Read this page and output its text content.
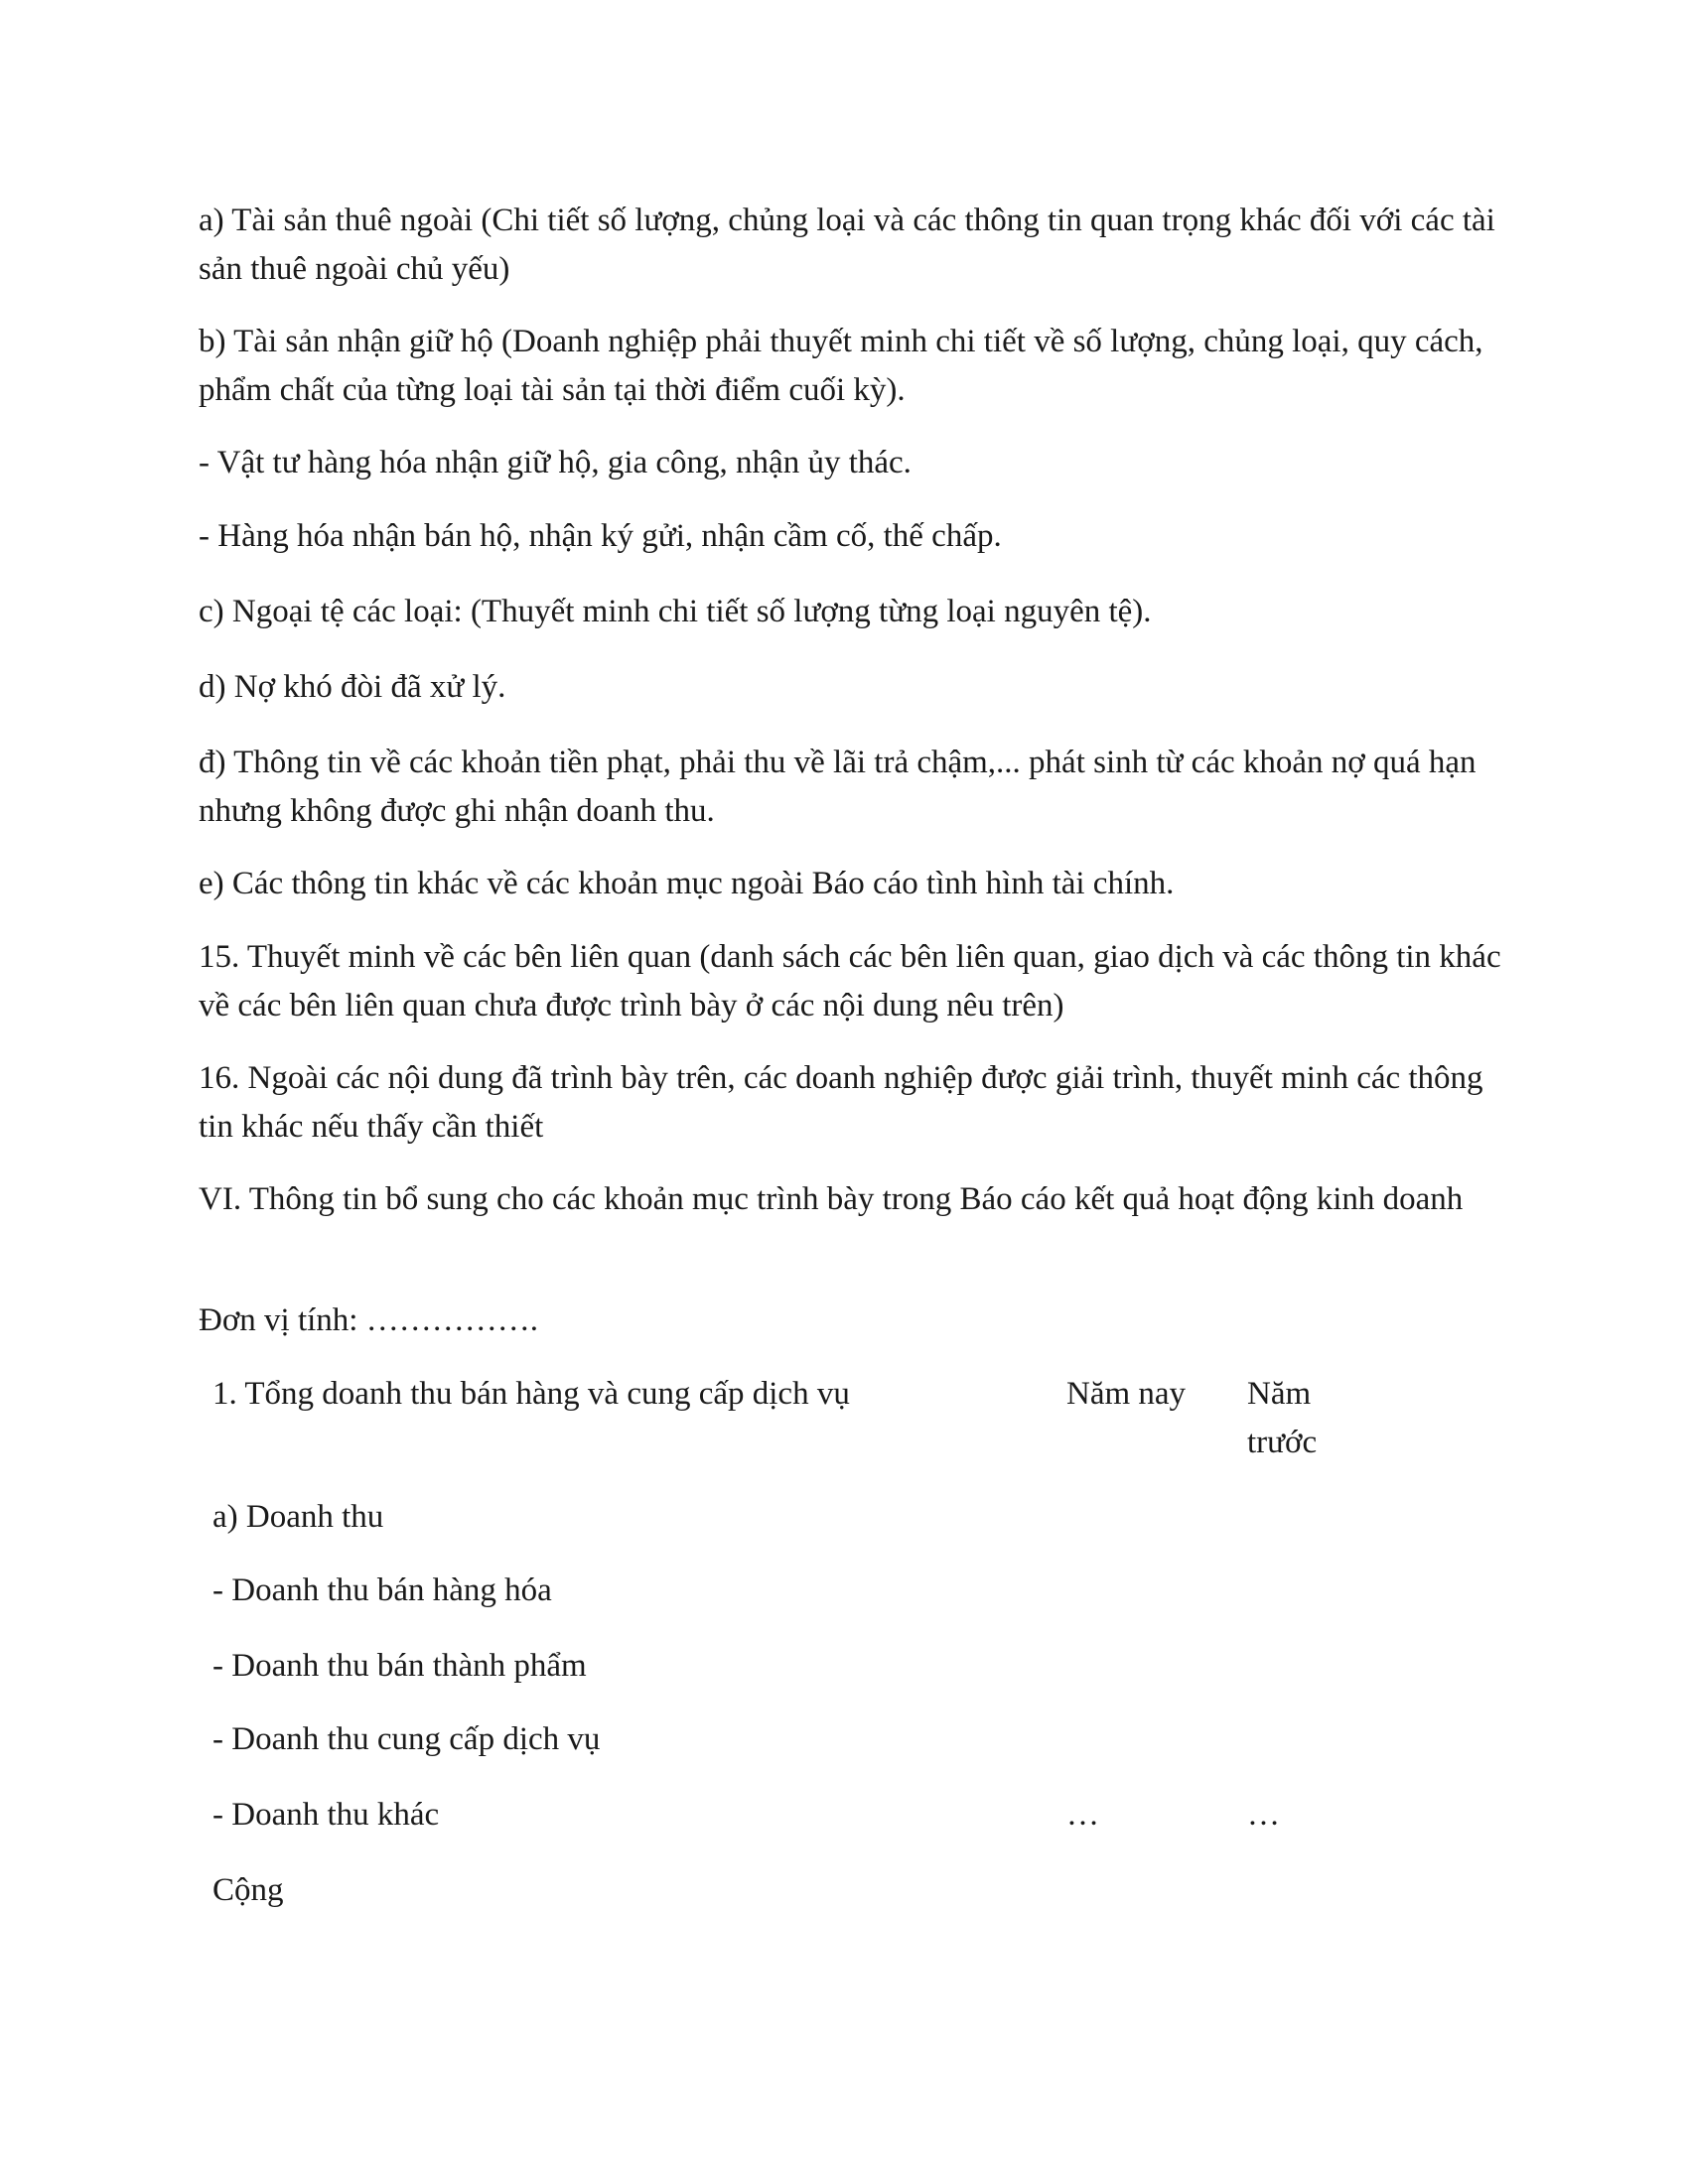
a) Tài sản thuê ngoài (Chi tiết số lượng, chủng loại và các thông tin quan trọng khác đối với các tài sản thuê ngoài chủ yếu)

b) Tài sản nhận giữ hộ (Doanh nghiệp phải thuyết minh chi tiết về số lượng, chủng loại, quy cách, phẩm chất của từng loại tài sản tại thời điểm cuối kỳ).

- Vật tư hàng hóa nhận giữ hộ, gia công, nhận ủy thác.

- Hàng hóa nhận bán hộ, nhận ký gửi, nhận cầm cố, thế chấp.

c) Ngoại tệ các loại: (Thuyết minh chi tiết số lượng từng loại nguyên tệ).

d) Nợ khó đòi đã xử lý.

đ) Thông tin về các khoản tiền phạt, phải thu về lãi trả chậm,... phát sinh từ các khoản nợ quá hạn nhưng không được ghi nhận doanh thu.

e) Các thông tin khác về các khoản mục ngoài Báo cáo tình hình tài chính.

15. Thuyết minh về các bên liên quan (danh sách các bên liên quan, giao dịch và các thông tin khác về các bên liên quan chưa được trình bày ở các nội dung nêu trên)

16. Ngoài các nội dung đã trình bày trên, các doanh nghiệp được giải trình, thuyết minh các thông tin khác nếu thấy cần thiết

VI. Thông tin bổ sung cho các khoản mục trình bày trong Báo cáo kết quả hoạt động kinh doanh

Đơn vị tính: …………….

1. Tổng doanh thu bán hàng và cung cấp dịch vụ	Năm nay	Năm trước
a) Doanh thu
- Doanh thu bán hàng hóa
- Doanh thu bán thành phẩm
- Doanh thu cung cấp dịch vụ
- Doanh thu khác	…	…
Cộng
